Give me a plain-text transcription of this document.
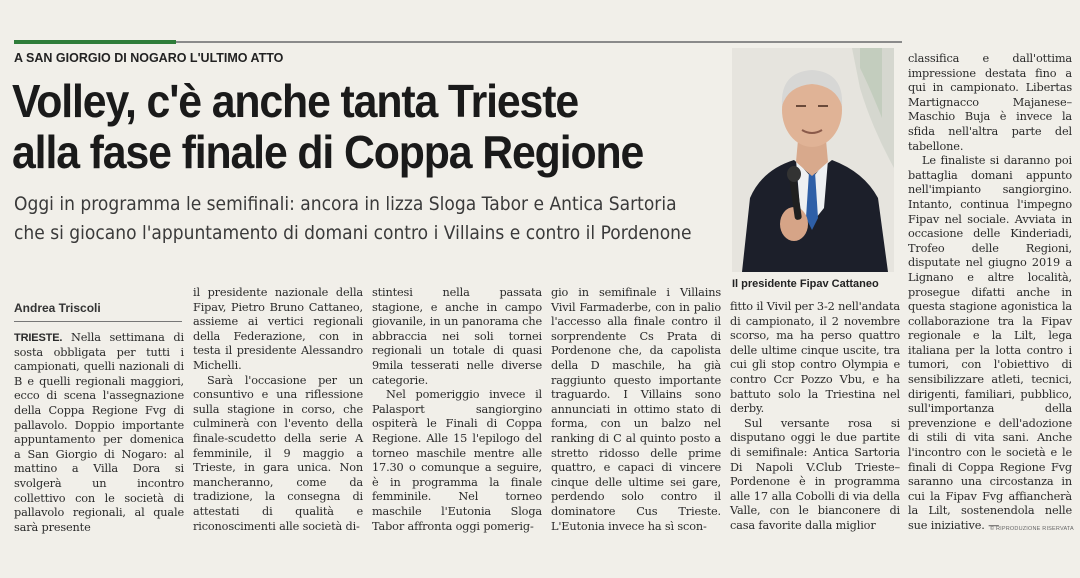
A SAN GIORGIO DI NOGARO L'ULTIMO ATTO
Volley, c'è anche tanta Trieste
alla fase finale di Coppa Regione
Oggi in programma le semifinali: ancora in lizza Sloga Tabor e Antica Sartoria
che si giocano l'appuntamento di domani contro i Villains e contro il Pordenone
Andrea Triscoli

TRIESTE. Nella settimana di sosta obbligata per tutti i campionati, quelli nazionali di B e quelli regionali maggiori, ecco di scena l'assegnazione della Coppa Regione Fvg di pallavolo. Doppio importante appuntamento per domenica a San Giorgio di Nogaro: al mattino a Villa Dora si svolgerà un incontro collettivo con le società di pallavolo regionali, al quale sarà presente

il presidente nazionale della Fipav, Pietro Bruno Cattaneo, assieme ai vertici regionali della Federazione, con in testa il presidente Alessandro Michelli.

Sarà l'occasione per un consuntivo e una riflessione sulla stagione in corso, che culminerà con l'evento della finale-scudetto della serie A femminile, il 9 maggio a Trieste, in gara unica. Non mancheranno, come da tradizione, la consegna di attestati di qualità e riconoscimenti alle società di-

stintesi nella passata stagione, e anche in campo giovanile, in un panorama che abbraccia nei soli tornei regionali un totale di quasi 9mila tesserati nelle diverse categorie.

Nel pomeriggio invece il Palasport sangiorgino ospiterà le Finali di Coppa Regione. Alle 15 l'epilogo del torneo maschile mentre alle 17.30 o comunque a seguire, è in programma la finale femminile. Nel torneo maschile l'Eutonia Sloga Tabor affronta oggi pomerig-

gio in semifinale i Villains Vivil Farmaderbe, con in palio l'accesso alla finale contro il sorprendente Cs Prata di Pordenone che, da capolista della D maschile, ha già raggiunto questo importante traguardo. I Villains sono annunciati in ottimo stato di forma, con un balzo nel ranking di C al quinto posto a stretto ridosso delle prime quattro, e capaci di vincere cinque delle ultime sei gare, perdendo solo contro il dominatore Cus Trieste. L'Eutonia invece ha sì scon-

Il presidente Fipav Cattaneo

fitto il Vivil per 3-2 nell'andata di campionato, il 2 novembre scorso, ma ha perso quattro delle ultime cinque uscite, tra cui gli stop contro Olympia e contro Ccr Pozzo Vbu, e ha battuto solo la Triestina nel derby.

Sul versante rosa si disputano oggi le due partite di semifinale: Antica Sartoria Di Napoli V.Club Trieste–Pordenone è in programma alle 17 alla Cobolli di via della Valle, con le bianconere di casa favorite dalla miglior

classifica e dall'ottima impressione destata fino a qui in campionato. Libertas Martignacco Majanese–Maschio Buja è invece la sfida nell'altra parte del tabellone.

Le finaliste si daranno poi battaglia domani appunto nell'impianto sangiorgino. Intanto, continua l'impegno Fipav nel sociale. Avviata in occasione delle Kinderiadi, Trofeo delle Regioni, disputate nel giugno 2019 a Lignano e altre località, prosegue difatti anche in questa stagione agonistica la collaborazione tra la Fipav regionale e la Lilt, lega italiana per la lotta contro i tumori, con l'obiettivo di sensibilizzare atleti, tecnici, dirigenti, familiari, pubblico, sull'importanza della prevenzione e dell'adozione di stili di vita sani. Anche l'incontro con le società e le finali di Coppa Regione Fvg saranno una circostanza in cui la Fipav Fvg affiancherà la Lilt, sostenendola nelle sue iniziative. —

© RIPRODUZIONE RISERVATA
